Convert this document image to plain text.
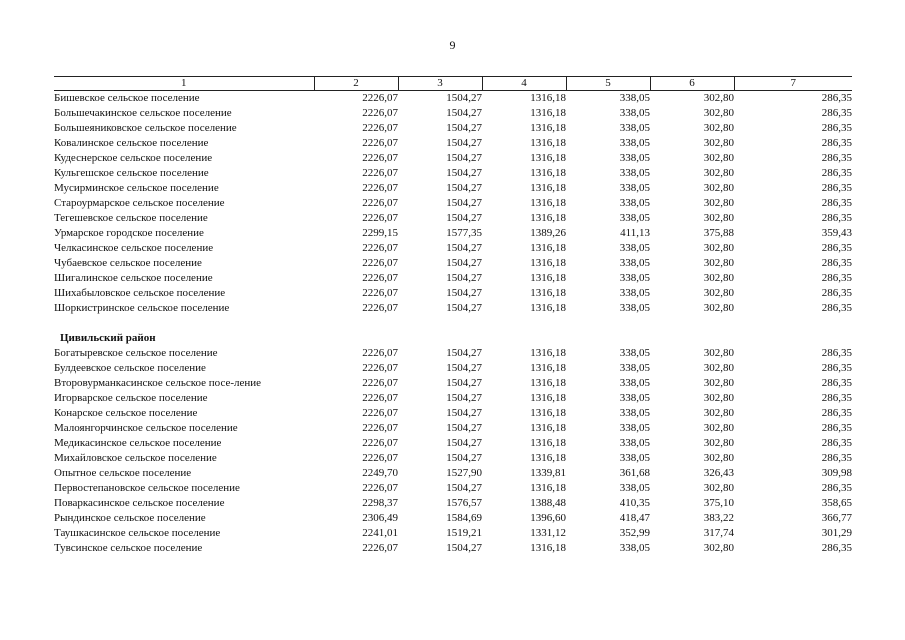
9
1	2	3	4	5	6	7
Бишевское сельское поселение	2226,07	1504,27	1316,18	338,05	302,80	286,35
Большечакинское сельское поселение	2226,07	1504,27	1316,18	338,05	302,80	286,35
Большеяниковское сельское поселение	2226,07	1504,27	1316,18	338,05	302,80	286,35
Ковалинское сельское поселение	2226,07	1504,27	1316,18	338,05	302,80	286,35
Кудеснерское сельское поселение	2226,07	1504,27	1316,18	338,05	302,80	286,35
Кульгешское сельское поселение	2226,07	1504,27	1316,18	338,05	302,80	286,35
Мусирминское сельское поселение	2226,07	1504,27	1316,18	338,05	302,80	286,35
Староурмарское сельское поселение	2226,07	1504,27	1316,18	338,05	302,80	286,35
Тегешевское сельское поселение	2226,07	1504,27	1316,18	338,05	302,80	286,35
Урмарское городское поселение	2299,15	1577,35	1389,26	411,13	375,88	359,43
Челкасинское сельское поселение	2226,07	1504,27	1316,18	338,05	302,80	286,35
Чубаевское сельское поселение	2226,07	1504,27	1316,18	338,05	302,80	286,35
Шигалинское сельское поселение	2226,07	1504,27	1316,18	338,05	302,80	286,35
Шихабыловское сельское поселение	2226,07	1504,27	1316,18	338,05	302,80	286,35
Шоркистринское сельское поселение	2226,07	1504,27	1316,18	338,05	302,80	286,35

Цивильский район						
Богатыревское сельское поселение	2226,07	1504,27	1316,18	338,05	302,80	286,35
Булдеевское сельское поселение	2226,07	1504,27	1316,18	338,05	302,80	286,35
Второвурманкасинское сельское посе-ление	2226,07	1504,27	1316,18	338,05	302,80	286,35
Игорварское сельское поселение	2226,07	1504,27	1316,18	338,05	302,80	286,35
Конарское сельское поселение	2226,07	1504,27	1316,18	338,05	302,80	286,35
Малоянгорчинское сельское поселение	2226,07	1504,27	1316,18	338,05	302,80	286,35
Медикасинское сельское поселение	2226,07	1504,27	1316,18	338,05	302,80	286,35
Михайловское сельское поселение	2226,07	1504,27	1316,18	338,05	302,80	286,35
Опытное сельское поселение	2249,70	1527,90	1339,81	361,68	326,43	309,98
Первостепановское сельское поселение	2226,07	1504,27	1316,18	338,05	302,80	286,35
Поваркасинское сельское поселение	2298,37	1576,57	1388,48	410,35	375,10	358,65
Рындинское сельское поселение	2306,49	1584,69	1396,60	418,47	383,22	366,77
Таушкасинское сельское поселение	2241,01	1519,21	1331,12	352,99	317,74	301,29
Тувсинское сельское поселение	2226,07	1504,27	1316,18	338,05	302,80	286,35
